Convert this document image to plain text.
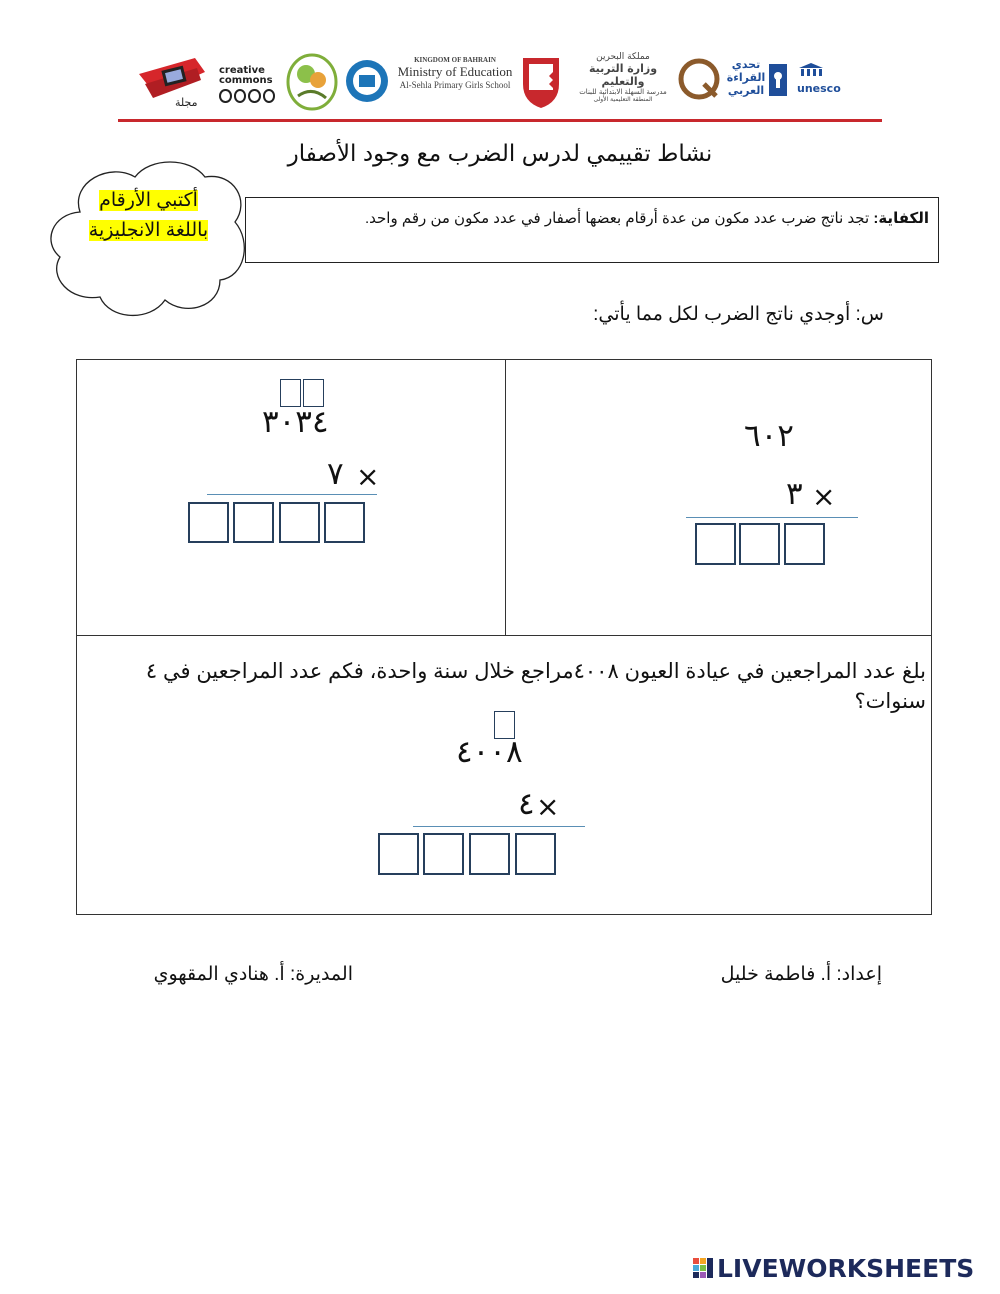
مجلة
creative commons
KINGDOM OF BAHRAIN
Ministry of Education
Al-Sehla Primary Girls School
مملكة البحرين
وزارة التربية والتعليم
مدرسة السهلة الابتدائية للبنات
المنطقة التعليمية الأولى
تحدي القراءة العربي	unesco
نشاط تقييمي لدرس الضرب مع وجود الأصفار
أكتبي الأرقام باللغة الانجليزية
الكفاية: تجد ناتج ضرب عدد مكون من عدة أرقام بعضها أصفار في عدد مكون من رقم واحد.
س: أوجدي ناتج الضرب لكل مما يأتي:
٦٠٢
٣ ×
٣٠٣٤
٧ ×
بلغ عدد المراجعين في عيادة العيون ٤٠٠٨مراجع خلال سنة واحدة، فكم عدد المراجعين في ٤ سنوات؟
٤٠٠٨
٤ ×
إعداد: أ. فاطمة خليل
المديرة: أ. هنادي المقهوي
LIVEWORKSHEETS
